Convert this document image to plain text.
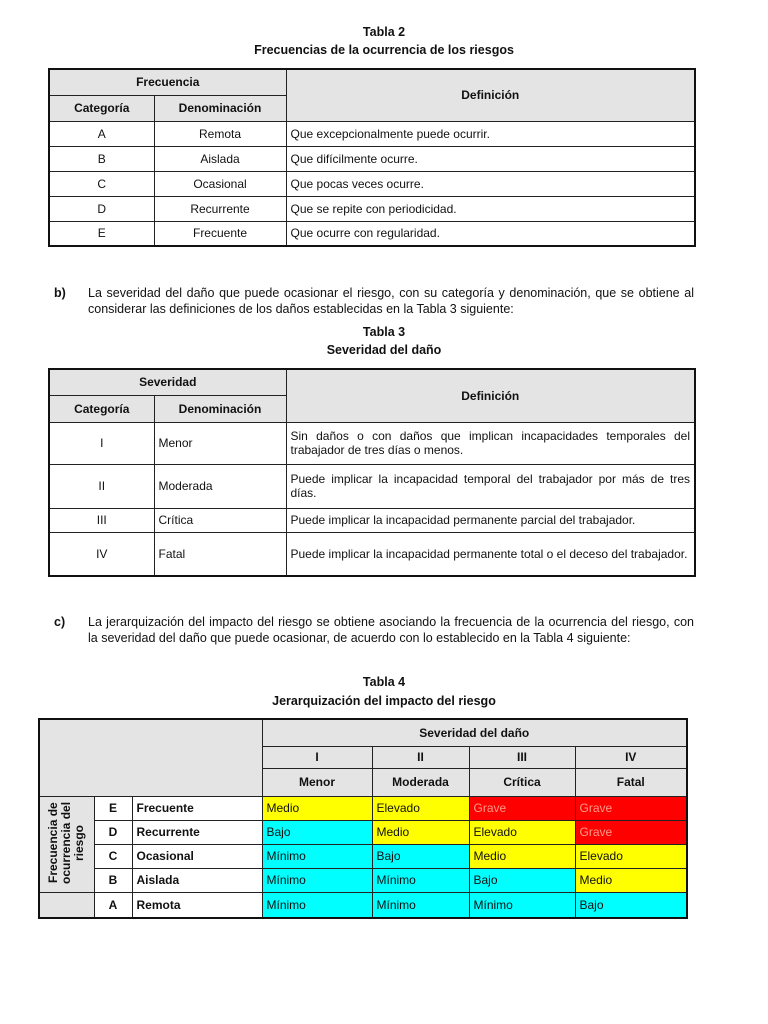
Tabla 2
Frecuencias de la ocurrencia de los riesgos
Frecuencia		Definición
Categoría	Denominación	
A	Remota	Que excepcionalmente puede ocurrir.
B	Aislada	Que difícilmente ocurre.
C	Ocasional	Que pocas veces ocurre.
D	Recurrente	Que se repite con periodicidad.
E	Frecuente	Que ocurre con regularidad.
b) La severidad del daño que puede ocasionar el riesgo, con su categoría y denominación, que se obtiene al considerar las definiciones de los daños establecidas en la Tabla 3 siguiente:
Tabla 3
Severidad del daño
Severidad		Definición
Categoría	Denominación	
I	Menor	Sin daños o con daños que implican incapacidades temporales del trabajador de tres días o menos.
II	Moderada	Puede implicar la incapacidad temporal del trabajador por más de tres días.
III	Crítica	Puede implicar la incapacidad permanente parcial del trabajador.
IV	Fatal	Puede implicar la incapacidad permanente total o el deceso del trabajador.
c) La jerarquización del impacto del riesgo se obtiene asociando la frecuencia de la ocurrencia del riesgo, con la severidad del daño que puede ocasionar, de acuerdo con lo establecido en la Tabla 4 siguiente:
Tabla 4
Jerarquización del impacto del riesgo
			Severidad del daño			
			I	II	III	IV
			Menor	Moderada	Crítica	Fatal
Frecuencia de ocurrencia del riesgo	E	Frecuente	Medio	Elevado	Grave	Grave
	D	Recurrente	Bajo	Medio	Elevado	Grave
	C	Ocasional	Mínimo	Bajo	Medio	Elevado
	B	Aislada	Mínimo	Mínimo	Bajo	Medio
	A	Remota	Mínimo	Mínimo	Mínimo	Bajo
